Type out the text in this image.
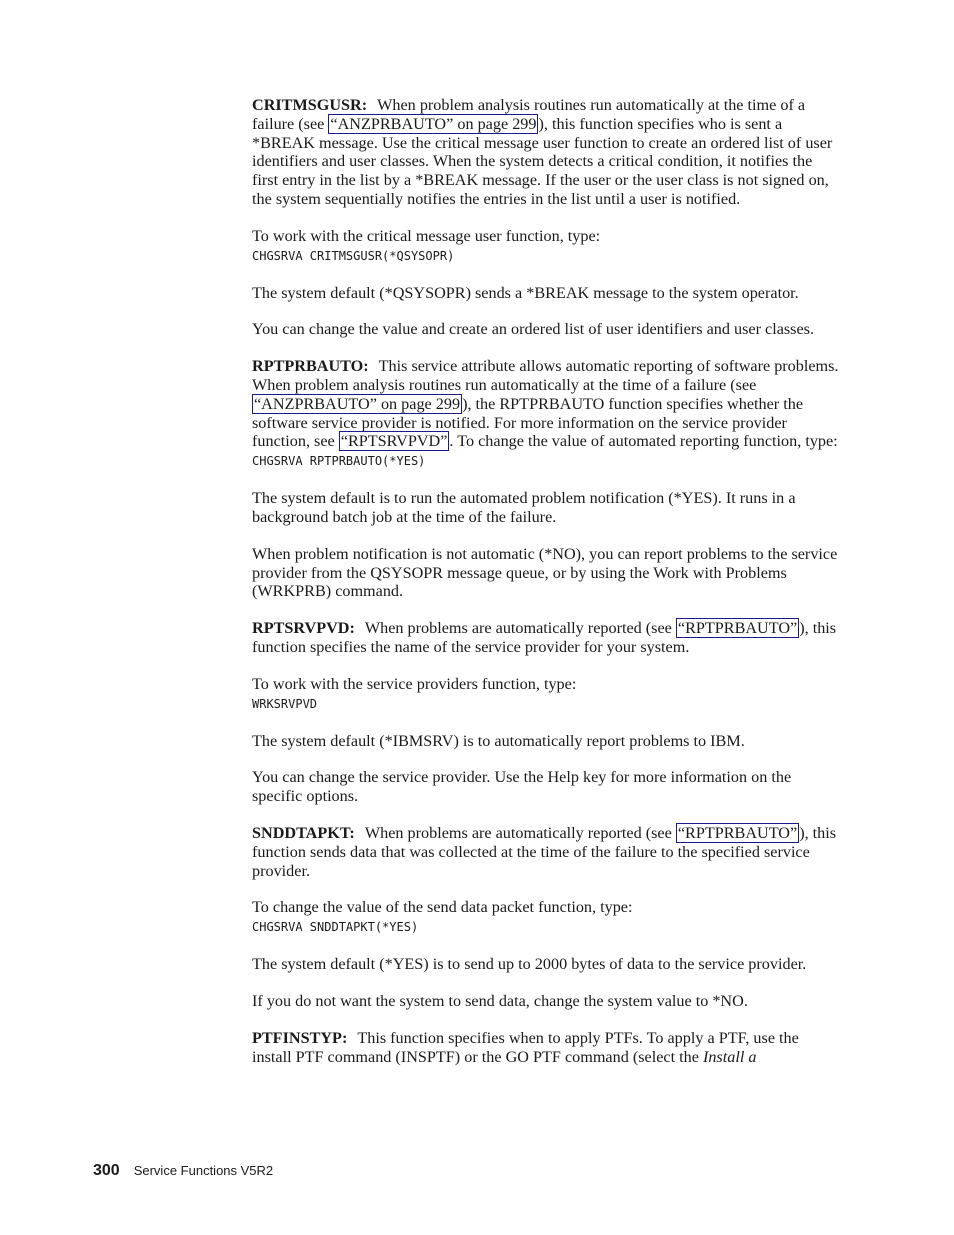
CRITMSGUSR: When problem analysis routines run automatically at the time of a failure (see “ANZPRBAUTO” on page 299 ), this function specifies who is sent a *BREAK message. Use the critical message user function to create an ordered list of user identifiers and user classes. When the system detects a critical condition, it notifies the first entry in the list by a *BREAK message. If the user or the user class is not signed on, the system sequentially notifies the entries in the list until a user is notified.

To work with the critical message user function, type:

CHGSRVA CRITMSGUSR(*QSYSOPR)

The system default (*QSYSOPR) sends a *BREAK message to the system operator.

You can change the value and create an ordered list of user identifiers and user classes.

RPTPRBAUTO: This service attribute allows automatic reporting of software problems. When problem analysis routines run automatically at the time of a failure (see “ANZPRBAUTO” on page 299 ), the RPTPRBAUTO function specifies whether the software service provider is notified. For more information on the service provider function, see “RPTSRVPVD” . To change the value of automated reporting function, type:

CHGSRVA RPTPRBAUTO(*YES)

The system default is to run the automated problem notification (*YES). It runs in a background batch job at the time of the failure.

When problem notification is not automatic (*NO), you can report problems to the service provider from the QSYSOPR message queue, or by using the Work with Problems (WRKPRB) command.

RPTSRVPVD: When problems are automatically reported (see “RPTPRBAUTO” ), this function specifies the name of the service provider for your system.

To work with the service providers function, type:

WRKSRVPVD

The system default (*IBMSRV) is to automatically report problems to IBM.

You can change the service provider. Use the Help key for more information on the specific options.

SNDDTAPKT: When problems are automatically reported (see “RPTPRBAUTO” ), this function sends data that was collected at the time of the failure to the specified service provider.

To change the value of the send data packet function, type:

CHGSRVA SNDDTAPKT(*YES)

The system default (*YES) is to send up to 2000 bytes of data to the service provider.

If you do not want the system to send data, change the system value to *NO.

PTFINSTYP: This function specifies when to apply PTFs. To apply a PTF, use the install PTF command (INSPTF) or the GO PTF command (select the Install a

300 Service Functions V5R2
